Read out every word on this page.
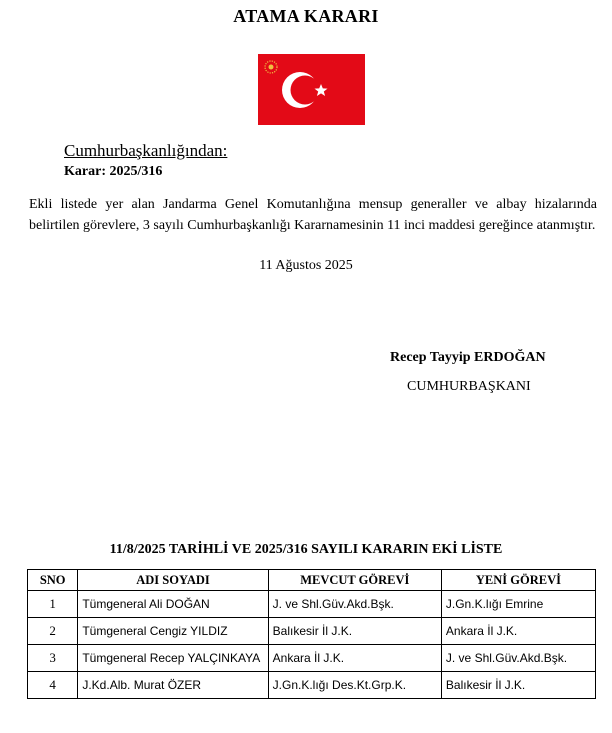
ATAMA KARARI
Cumhurbaşkanlığından:
Karar: 2025/316
Ekli listede yer alan Jandarma Genel Komutanlığına mensup generaller ve albay hizalarında belirtilen görevlere, 3 sayılı Cumhurbaşkanlığı Kararnamesinin 11 inci maddesi gereğince atanmıştır.
11 Ağustos 2025
Recep Tayyip ERDOĞAN
CUMHURBAŞKANI
11/8/2025 TARİHLİ VE 2025/316 SAYILI KARARIN EKİ LİSTE
SNO	ADI SOYADI	MEVCUT GÖREVİ	YENİ GÖREVİ
1	Tümgeneral Ali DOĞAN	J. ve Shl.Güv.Akd.Bşk.	J.Gn.K.lığı Emrine
2	Tümgeneral Cengiz YILDIZ	Balıkesir İl J.K.	Ankara İl J.K.
3	Tümgeneral Recep YALÇINKAYA	Ankara İl J.K.	J. ve Shl.Güv.Akd.Bşk.
4	J.Kd.Alb. Murat ÖZER	J.Gn.K.lığı Des.Kt.Grp.K.	Balıkesir İl J.K.
